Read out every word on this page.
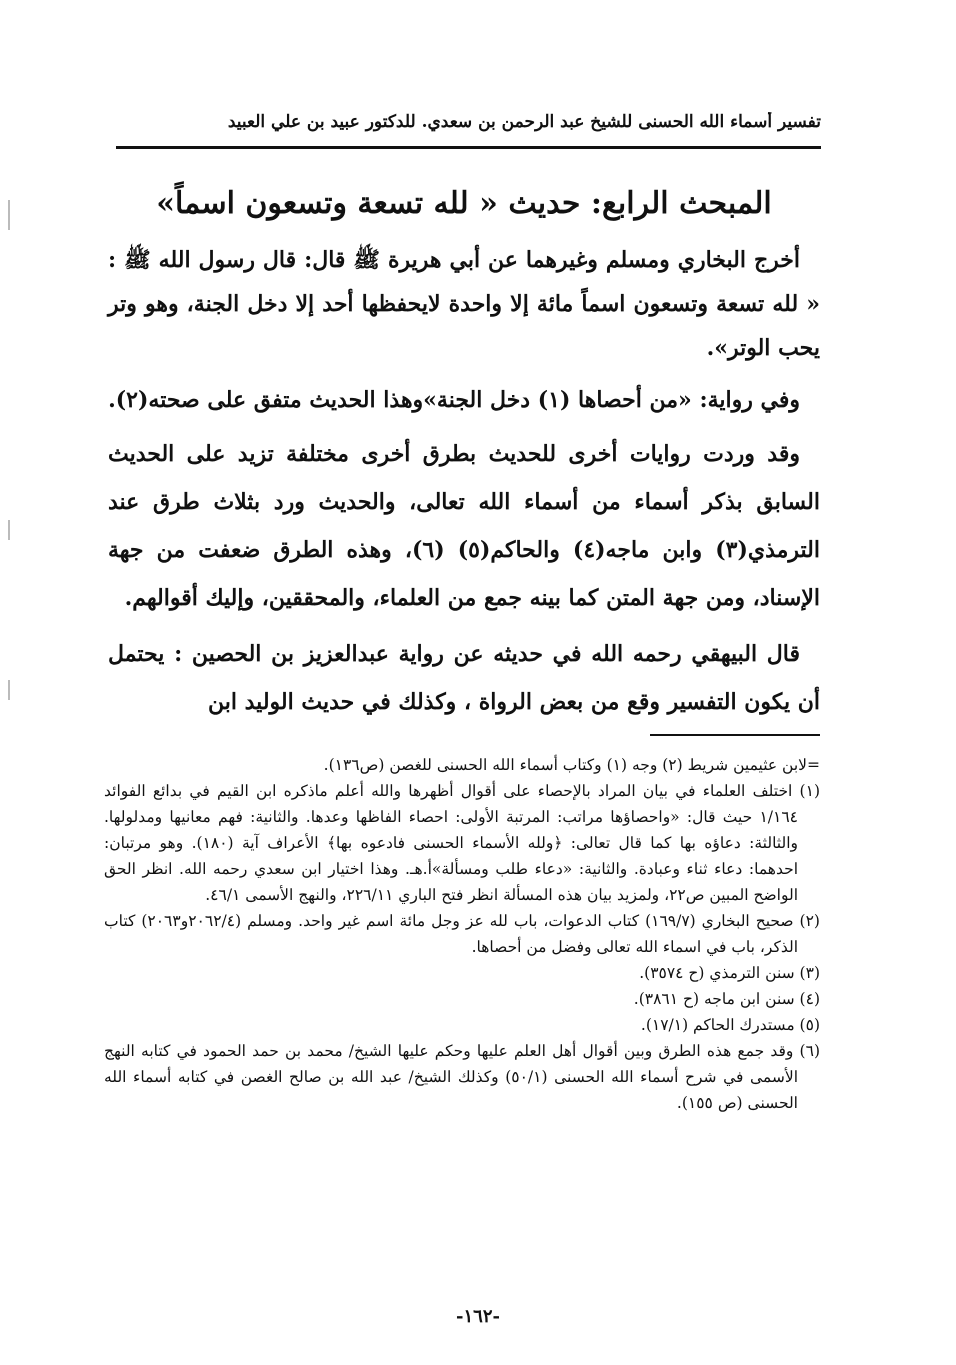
تفسير أسماء الله الحسنى للشيخ عبد الرحمن بن سعدي. للدكتور عبيد بن علي العبيد
المبحث الرابع: حديث « لله تسعة وتسعون اسماً»

أخرج البخاري ومسلم وغيرهما عن أبي هريرة ﷺ قال: قال رسول الله ﷺ : « لله تسعة وتسعون اسماً مائة إلا واحدة لايحفظها أحد إلا دخل الجنة، وهو وتر يحب الوتر».

وفي رواية: «من أحصاها (١) دخل الجنة»وهذا الحديث متفق على صحته(٢).

وقد وردت روايات أخرى للحديث بطرق أخرى مختلفة تزيد على الحديث السابق بذكر أسماء من أسماء الله تعالى، والحديث ورد بثلاث طرق عند الترمذي(٣) وابن ماجه(٤) والحاكم(٥) (٦)، وهذه الطرق ضعفت من جهة الإسناد، ومن جهة المتن كما بينه جمع من العلماء، والمحققين، وإليك أقوالهم.

قال البيهقي رحمه الله في حديثه عن رواية عبدالعزيز بن الحصين : يحتمل أن يكون التفسير وقع من بعض الرواة ، وكذلك في حديث الوليد ابن

=لابن عثيمين شريط (٢) وجه (١) وكتاب أسماء الله الحسنى للغصن (ص١٣٦).

(١) اختلف العلماء في بيان المراد بالإحصاء على أقوال أظهرها والله أعلم ماذكره ابن القيم في بدائع الفوائد ١/١٦٤ حيث قال: «واحصاؤها مراتب: المرتبة الأولى: احصاء الفاظها وعدها. والثانية: فهم معانيها ومدلولها. والثالثة: دعاؤه بها كما قال تعالى: ﴿ولله الأسماء الحسنى فادعوه بها﴾ الأعراف آية (١٨٠). وهو مرتبان: احدهما: دعاء ثناء وعبادة. والثانية: «دعاء طلب ومسألة»أ.هـ. وهذا اختيار ابن سعدي رحمه الله. انظر الحق الواضح المبين ص٢٢، ولمزيد بيان هذه المسألة انظر فتح الباري ٢٢٦/١١، والنهج الأسمى ٤٦/١.

(٢) صحيح البخاري (١٦٩/٧) كتاب الدعوات، باب لله عز وجل مائة اسم غير واحد. ومسلم (٢٠٦٢/٤و٢٠٦٣) كتاب الذكر، باب في اسماء الله تعالى وفضل من أحصاها.

(٣) سنن الترمذي (ح ٣٥٧٤).

(٤) سنن ابن ماجه (ح ٣٨٦١).

(٥) مستدرك الحاكم (١٧/١).

(٦) وقد جمع هذه الطرق وبين أقوال أهل العلم عليها وحكم عليها الشيخ/ محمد بن حمد الحمود في كتابه النهج الأسمى في شرح أسماء الله الحسنى (٥٠/١) وكذلك الشيخ/ عبد الله بن صالح الغصن في كتابه أسماء الله الحسنى (ص ١٥٥).

-١٦٢-
